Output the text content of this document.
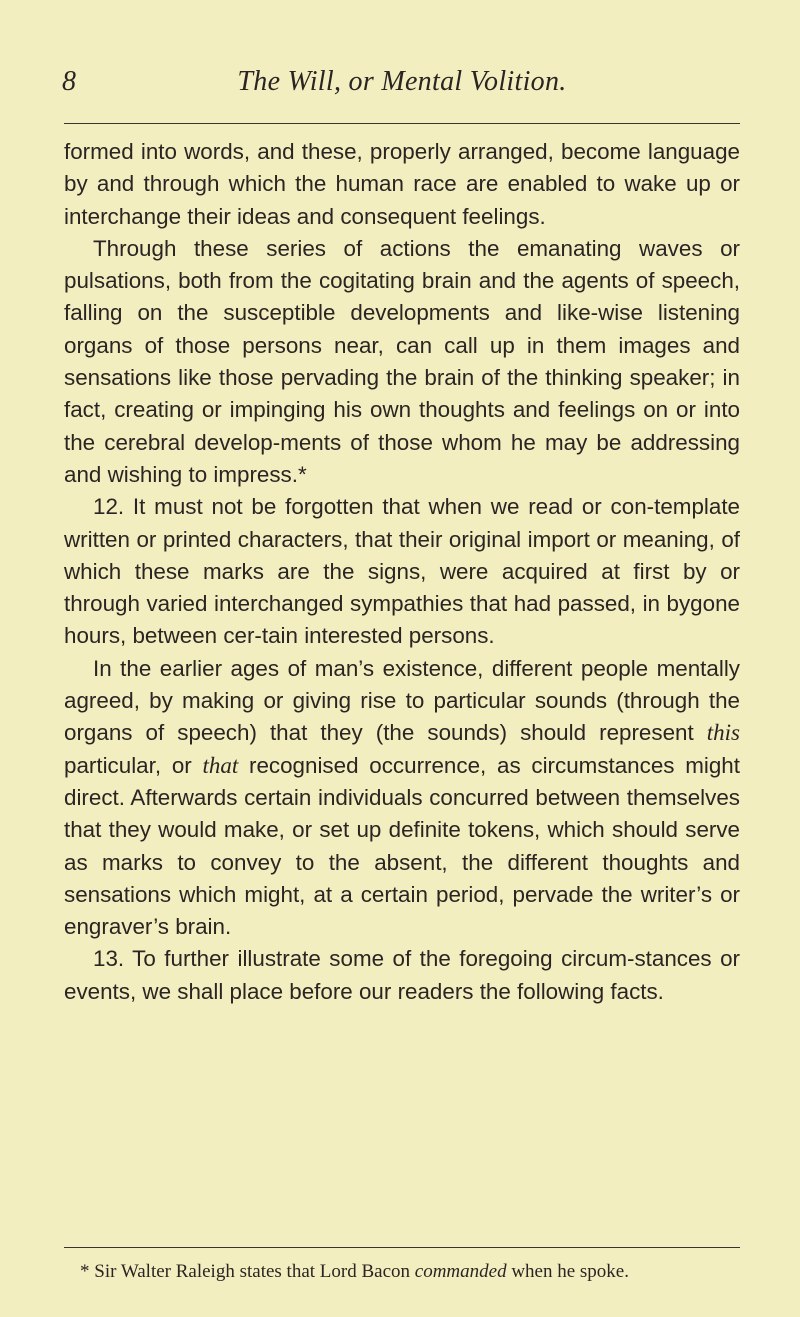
8	The Will, or Mental Volition.

formed into words, and these, properly arranged, become language by and through which the human race are enabled to wake up or interchange their ideas and consequent feelings.

Through these series of actions the emanating waves or pulsations, both from the cogitating brain and the agents of speech, falling on the susceptible developments and like-wise listening organs of those persons near, can call up in them images and sensations like those pervading the brain of the thinking speaker; in fact, creating or impinging his own thoughts and feelings on or into the cerebral develop-ments of those whom he may be addressing and wishing to impress.*

12. It must not be forgotten that when we read or con-template written or printed characters, that their original import or meaning, of which these marks are the signs, were acquired at first by or through varied interchanged sympathies that had passed, in bygone hours, between cer-tain interested persons.

In the earlier ages of man’s existence, different people mentally agreed, by making or giving rise to particular sounds (through the organs of speech) that they (the sounds) should represent this particular, or that recognised occurrence, as circumstances might direct. Afterwards certain individuals concurred between themselves that they would make, or set up definite tokens, which should serve as marks to convey to the absent, the different thoughts and sensations which might, at a certain period, pervade the writer’s or engraver’s brain.

13. To further illustrate some of the foregoing circum-stances or events, we shall place before our readers the following facts.

* Sir Walter Raleigh states that Lord Bacon commanded when he spoke.
